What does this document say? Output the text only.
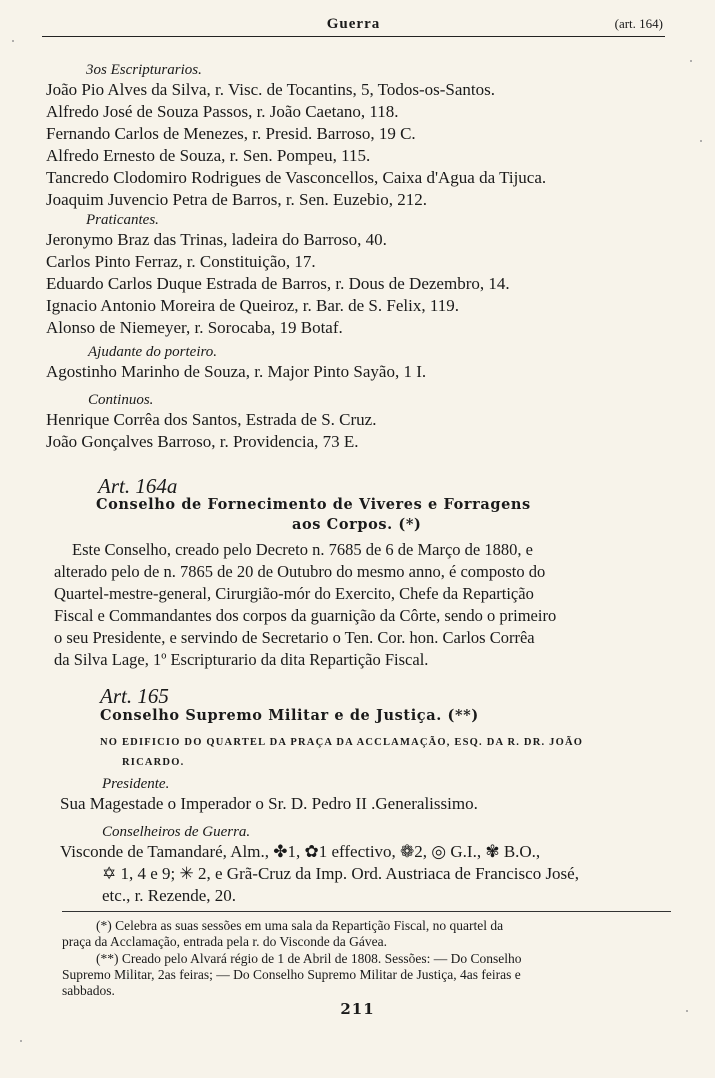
Guerra	(art. 164)
3os Escripturarios.
João Pio Alves da Silva, r. Visc. de Tocantins, 5, Todos-os-Santos.
Alfredo José de Souza Passos, r. João Caetano, 118.
Fernando Carlos de Menezes, r. Presid. Barroso, 19 C.
Alfredo Ernesto de Souza, r. Sen. Pompeu, 115.
Tancredo Clodomiro Rodrigues de Vasconcellos, Caixa d'Agua da Tijuca.
Joaquim Juvencio Petra de Barros, r. Sen. Euzebio, 212.
Praticantes.
Jeronymo Braz das Trinas, ladeira do Barroso, 40.
Carlos Pinto Ferraz, r. Constituição, 17.
Eduardo Carlos Duque Estrada de Barros, r. Dous de Dezembro, 14.
Ignacio Antonio Moreira de Queiroz, r. Bar. de S. Felix, 119.
Alonso de Niemeyer, r. Sorocaba, 19 Botaf.
Ajudante do porteiro.
Agostinho Marinho de Souza, r. Major Pinto Sayão, 1 I.
Continuos.
Henrique Corrêa dos Santos, Estrada de S. Cruz.
João Gonçalves Barroso, r. Providencia, 73 E.
Art. 164a
Conselho de Fornecimento de Viveres e Forragens
aos Corpos. (*)
Este Conselho, creado pelo Decreto n. 7685 de 6 de Março de 1880, e
alterado pelo de n. 7865 de 20 de Outubro do mesmo anno, é composto do
Quartel-mestre-general, Cirurgião-mór do Exercito, Chefe da Repartição
Fiscal e Commandantes dos corpos da guarnição da Côrte, sendo o primeiro
o seu Presidente, e servindo de Secretario o Ten. Cor. hon. Carlos Corrêa
da Silva Lage, 1º Escripturario da dita Repartição Fiscal.
Art. 165
Conselho Supremo Militar e de Justiça. (**)
NO EDIFICIO DO QUARTEL DA PRAÇA DA ACCLAMAÇÃO, ESQ. DA R. DR. JOÃO
RICARDO.
Presidente.
Sua Magestade o Imperador o Sr. D. Pedro II .Generalissimo.
Conselheiros de Guerra.
Visconde de Tamandaré, Alm., ✤1, ✿1 effectivo, ❁2, ◎ G.I., ✾ B.O.,
✡ 1, 4 e 9; ✳ 2, e Grã-Cruz da Imp. Ord. Austriaca de Francisco José,
etc., r. Rezende, 20.
(*) Celebra as suas sessões em uma sala da Repartição Fiscal, no quartel da
praça da Acclamação, entrada pela r. do Visconde da Gávea.
(**) Creado pelo Alvará régio de 1 de Abril de 1808. Sessões: — Do Conselho
Supremo Militar, 2as feiras; — Do Conselho Supremo Militar de Justiça, 4as feiras e
sabbados.
211
